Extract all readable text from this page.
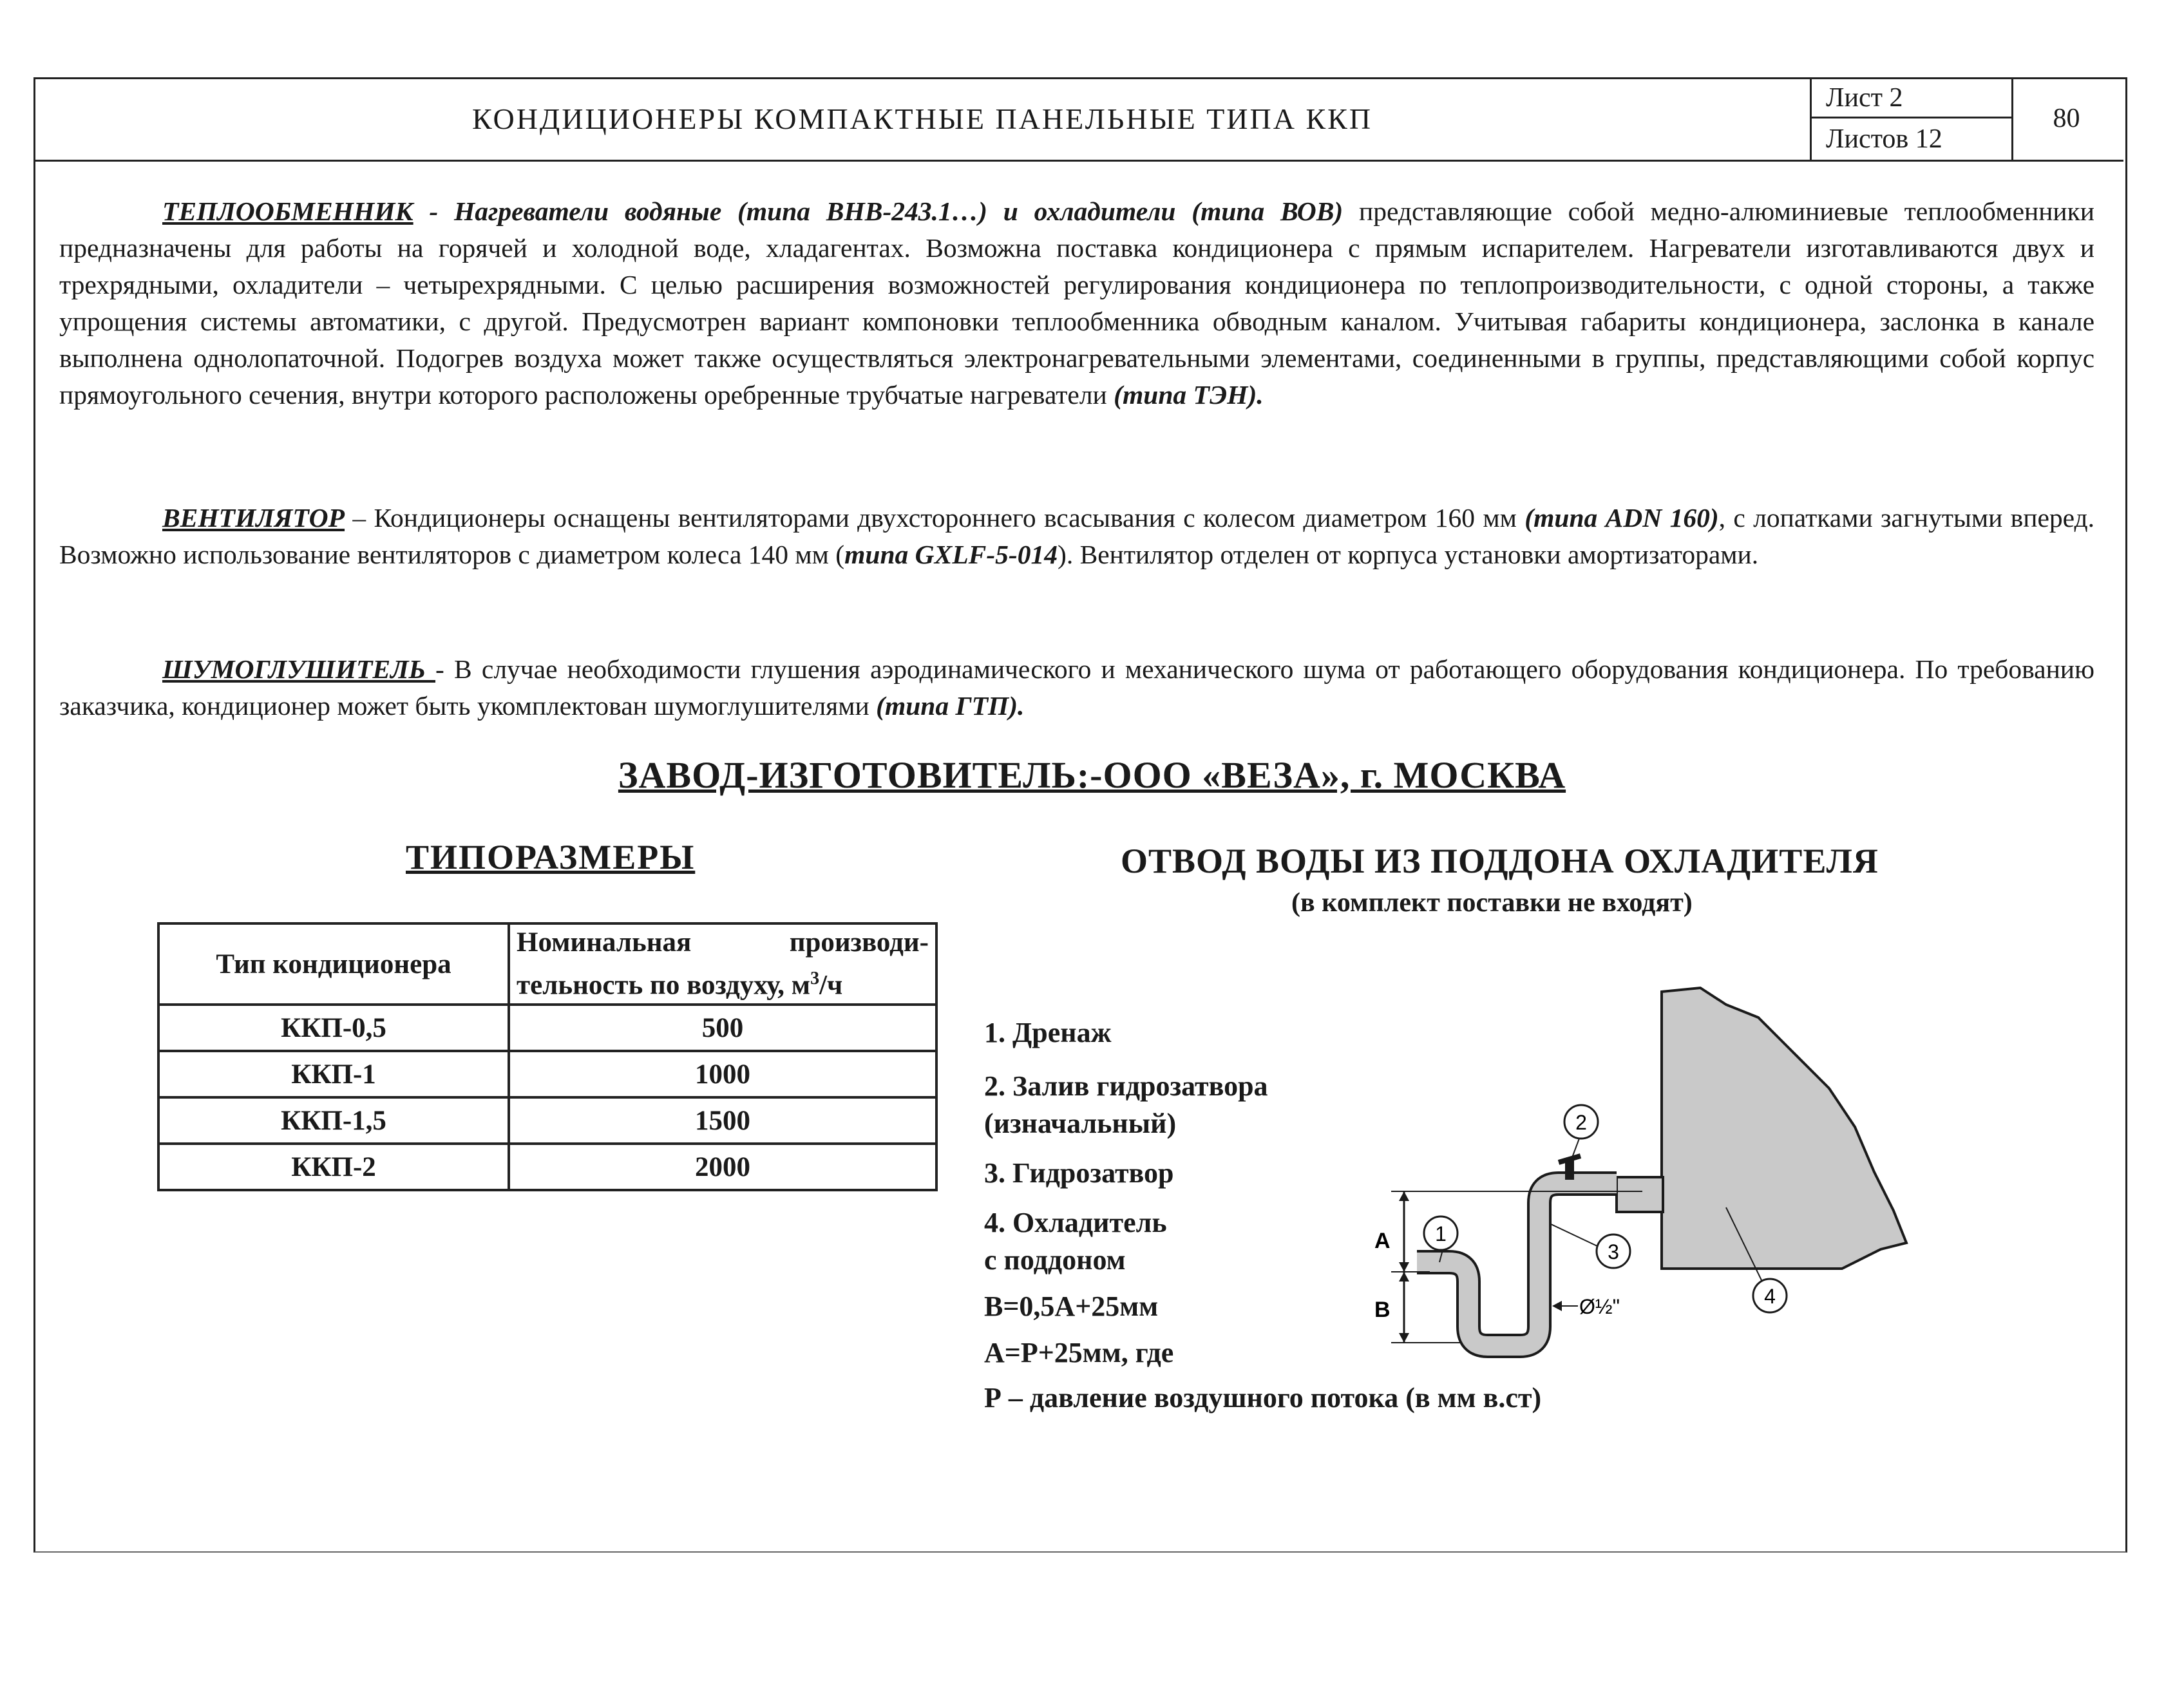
КОНДИЦИОНЕРЫ КОМПАКТНЫЕ ПАНЕЛЬНЫЕ ТИПА ККП
Лист 2
Листов 12
80

ТЕПЛООБМЕННИК - Нагреватели водяные (типа ВНВ-243.1…) и охладители (типа ВОВ) представляющие собой медно-алюминиевые теплообменники предназначены для работы на горячей и холодной воде, хладагентах. Возможна поставка кондиционера с прямым испарителем. Нагреватели изготавливаются двух и трехрядными, охладители – четырехрядными. С целью расширения возможностей регулирования кондиционера по теплопроизводительности, с одной стороны, а также упрощения системы автоматики, с другой. Предусмотрен вариант компоновки теплообменника обводным каналом. Учитывая габариты кондиционера, заслонка в канале выполнена однолопаточной. Подогрев воздуха может также осуществляться электронагревательными элементами, соединенными в группы, представляющими собой корпус прямоугольного сечения, внутри которого расположены оребренные трубчатые нагреватели (типа ТЭН).

ВЕНТИЛЯТОР – Кондиционеры оснащены вентиляторами двухстороннего всасывания с колесом диаметром 160 мм (типа ADN 160), с лопатками загнутыми вперед. Возможно использование вентиляторов с диаметром колеса 140 мм (типа GXLF-5-014). Вентилятор отделен от корпуса установки амортизаторами.

ШУМОГЛУШИТЕЛЬ - В случае необходимости глушения аэродинамического и механического шума от работающего оборудования кондиционера. По требованию заказчика, кондиционер может быть укомплектован шумоглушителями (типа ГТП).

ЗАВОД-ИЗГОТОВИТЕЛЬ:-ООО «ВЕЗА», г. МОСКВА
ТИПОРАЗМЕРЫ	ОТВОД ВОДЫ ИЗ ПОДДОНА ОХЛАДИТЕЛЯ
(в комплект поставки не входят)
Тип кондиционера	Номинальная производи-
тельность по воздуху, $м^3/ч$

ККП-0,5	500
ККП-1	1000
ККП-1,5	1500
ККП-2	2000
1. Дренаж
2. Залив гидрозатвора
(изначальный)
3. Гидрозатвор
4. Охладитель
с поддоном
В=0,5А+25мм
А=Р+25мм, где
Р – давление воздушного потока (в мм в.ст)
A
B	Ø½"
1
2
3
4
